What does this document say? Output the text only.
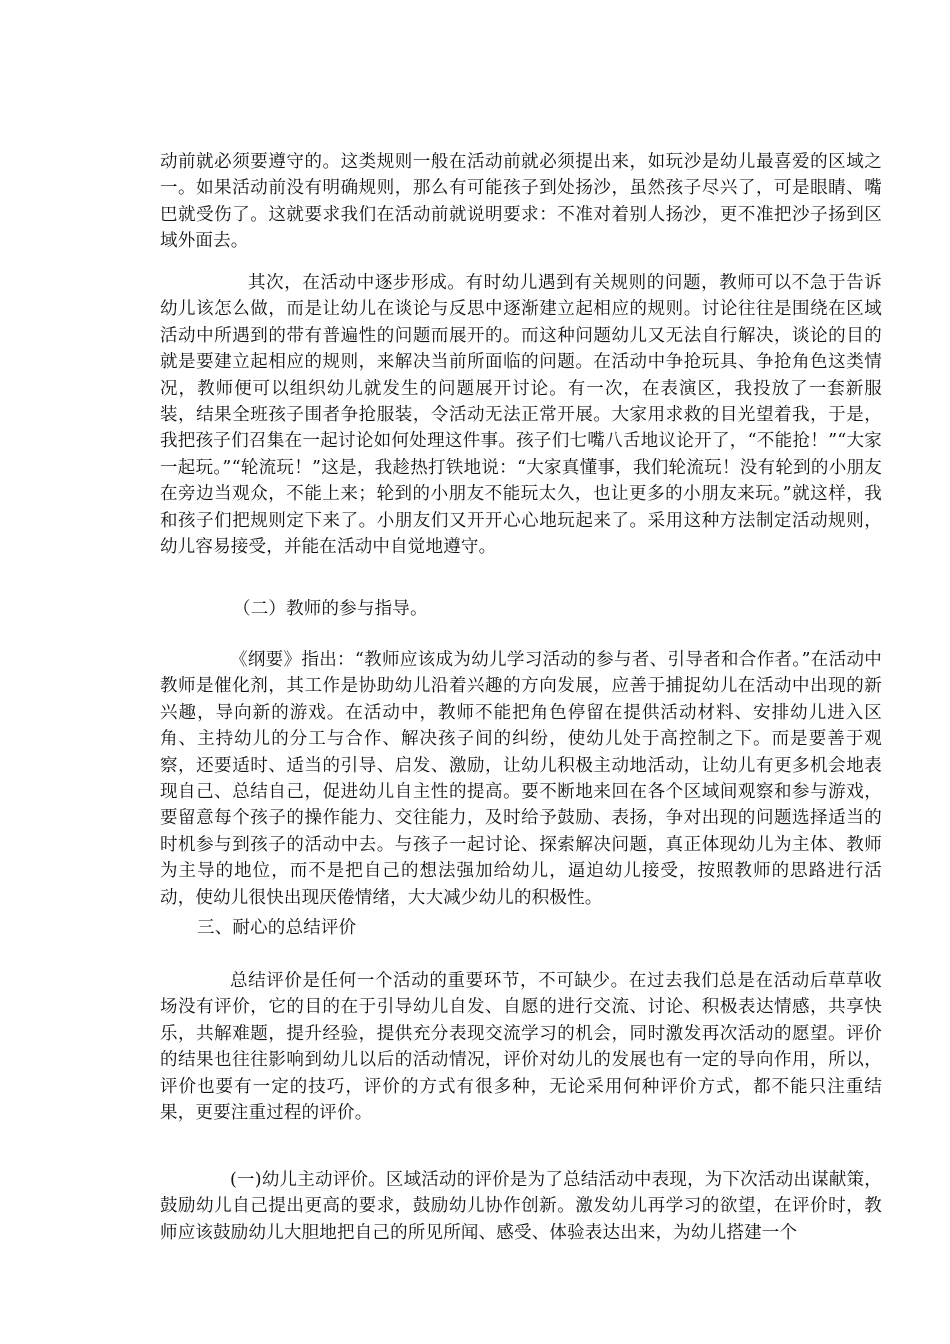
动前就必须要遵守的。这类规则一般在活动前就必须提出来，如玩沙是幼儿最喜爱的区域之一。如果活动前没有明确规则，那么有可能孩子到处扬沙，虽然孩子尽兴了，可是眼睛、嘴巴就受伤了。这就要求我们在活动前就说明要求：不准对着别人扬沙，更不准把沙子扬到区域外面去。

其次，在活动中逐步形成。有时幼儿遇到有关规则的问题，教师可以不急于告诉幼儿该怎么做，而是让幼儿在谈论与反思中逐渐建立起相应的规则。讨论往往是围绕在区域活动中所遇到的带有普遍性的问题而展开的。而这种问题幼儿又无法自行解决，谈论的目的就是要建立起相应的规则，来解决当前所面临的问题。在活动中争抢玩具、争抢角色这类情况，教师便可以组织幼儿就发生的问题展开讨论。有一次，在表演区，我投放了一套新服装，结果全班孩子围者争抢服装，令活动无法正常开展。大家用求救的目光望着我，于是，我把孩子们召集在一起讨论如何处理这件事。孩子们七嘴八舌地议论开了，“不能抢！”“大家一起玩。”“轮流玩！”这是，我趁热打铁地说：“大家真懂事，我们轮流玩！没有轮到的小朋友在旁边当观众，不能上来；轮到的小朋友不能玩太久，也让更多的小朋友来玩。”就这样，我和孩子们把规则定下来了。小朋友们又开开心心地玩起来了。采用这种方法制定活动规则，幼儿容易接受，并能在活动中自觉地遵守。

（二）教师的参与指导。

《纲要》指出：“教师应该成为幼儿学习活动的参与者、引导者和合作者。”在活动中教师是催化剂，其工作是协助幼儿沿着兴趣的方向发展，应善于捕捉幼儿在活动中出现的新兴趣，导向新的游戏。在活动中，教师不能把角色停留在提供活动材料、安排幼儿进入区角、主持幼儿的分工与合作、解决孩子间的纠纷，使幼儿处于高控制之下。而是要善于观察，还要适时、适当的引导、启发、激励，让幼儿积极主动地活动，让幼儿有更多机会地表现自己、总结自己，促进幼儿自主性的提高。要不断地来回在各个区域间观察和参与游戏，要留意每个孩子的操作能力、交往能力，及时给予鼓励、表扬，争对出现的问题选择适当的时机参与到孩子的活动中去。与孩子一起讨论、探索解决问题，真正体现幼儿为主体、教师为主导的地位，而不是把自己的想法强加给幼儿，逼迫幼儿接受，按照教师的思路进行活动，使幼儿很快出现厌倦情绪，大大减少幼儿的积极性。

三、耐心的总结评价

总结评价是任何一个活动的重要环节，不可缺少。在过去我们总是在活动后草草收场没有评价，它的目的在于引导幼儿自发、自愿的进行交流、讨论、积极表达情感，共享快乐，共解难题，提升经验，提供充分表现交流学习的机会，同时激发再次活动的愿望。评价的结果也往往影响到幼儿以后的活动情况，评价对幼儿的发展也有一定的导向作用，所以，评价也要有一定的技巧，评价的方式有很多种，无论采用何种评价方式，都不能只注重结果，更要注重过程的评价。

(一)幼儿主动评价。区域活动的评价是为了总结活动中表现，为下次活动出谋献策，鼓励幼儿自己提出更高的要求，鼓励幼儿协作创新。激发幼儿再学习的欲望，在评价时，教师应该鼓励幼儿大胆地把自己的所见所闻、感受、体验表达出来，为幼儿搭建一个
